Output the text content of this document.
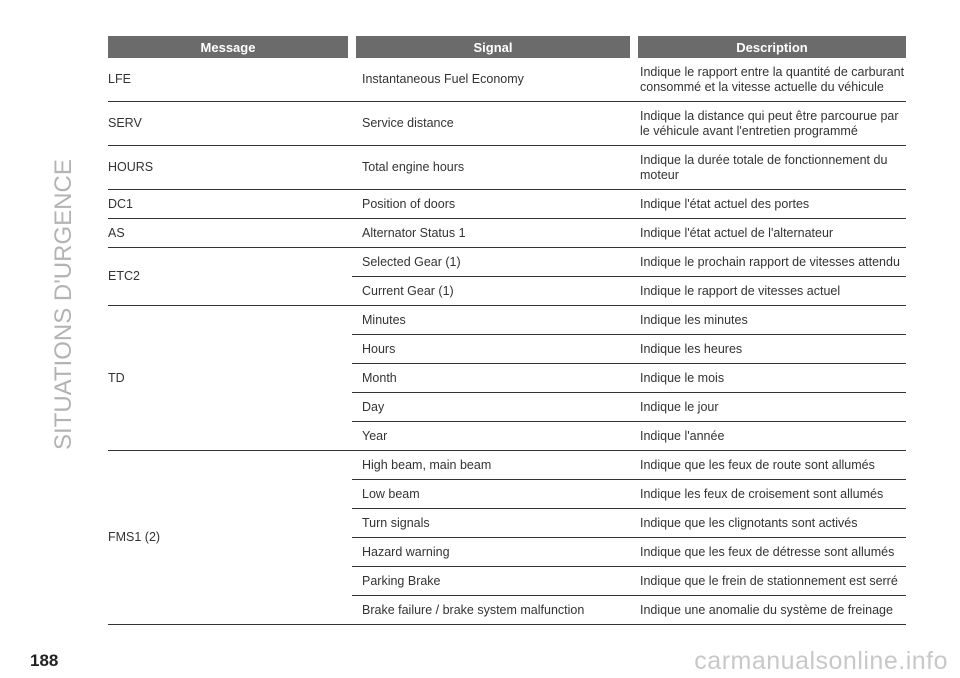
SITUATIONS D'URGENCE
Message	Signal	Description
LFE	Instantaneous Fuel Economy	Indique le rapport entre la quantité de carburant consommé et la vitesse actuelle du véhicule
SERV	Service distance	Indique la distance qui peut être parcourue par le véhicule avant l'entretien programmé
HOURS	Total engine hours	Indique la durée totale de fonctionnement du moteur
DC1	Position of doors	Indique l'état actuel des portes
AS	Alternator Status 1	Indique l'état actuel de l'alternateur
ETC2	Selected Gear (1)	Indique le prochain rapport de vitesses attendu
	Current Gear (1)	Indique le rapport de vitesses actuel
TD	Minutes	Indique les minutes
	Hours	Indique les heures
	Month	Indique le mois
	Day	Indique le jour
	Year	Indique l'année
FMS1 (2)	High beam, main beam	Indique que les feux de route sont allumés
	Low beam	Indique les feux de croisement sont allumés
	Turn signals	Indique que les clignotants sont activés
	Hazard warning	Indique que les feux de détresse sont allumés
	Parking Brake	Indique que le frein de stationnement est serré
	Brake failure / brake system malfunction	Indique une anomalie du système de freinage
188	carmanualsonline.info
